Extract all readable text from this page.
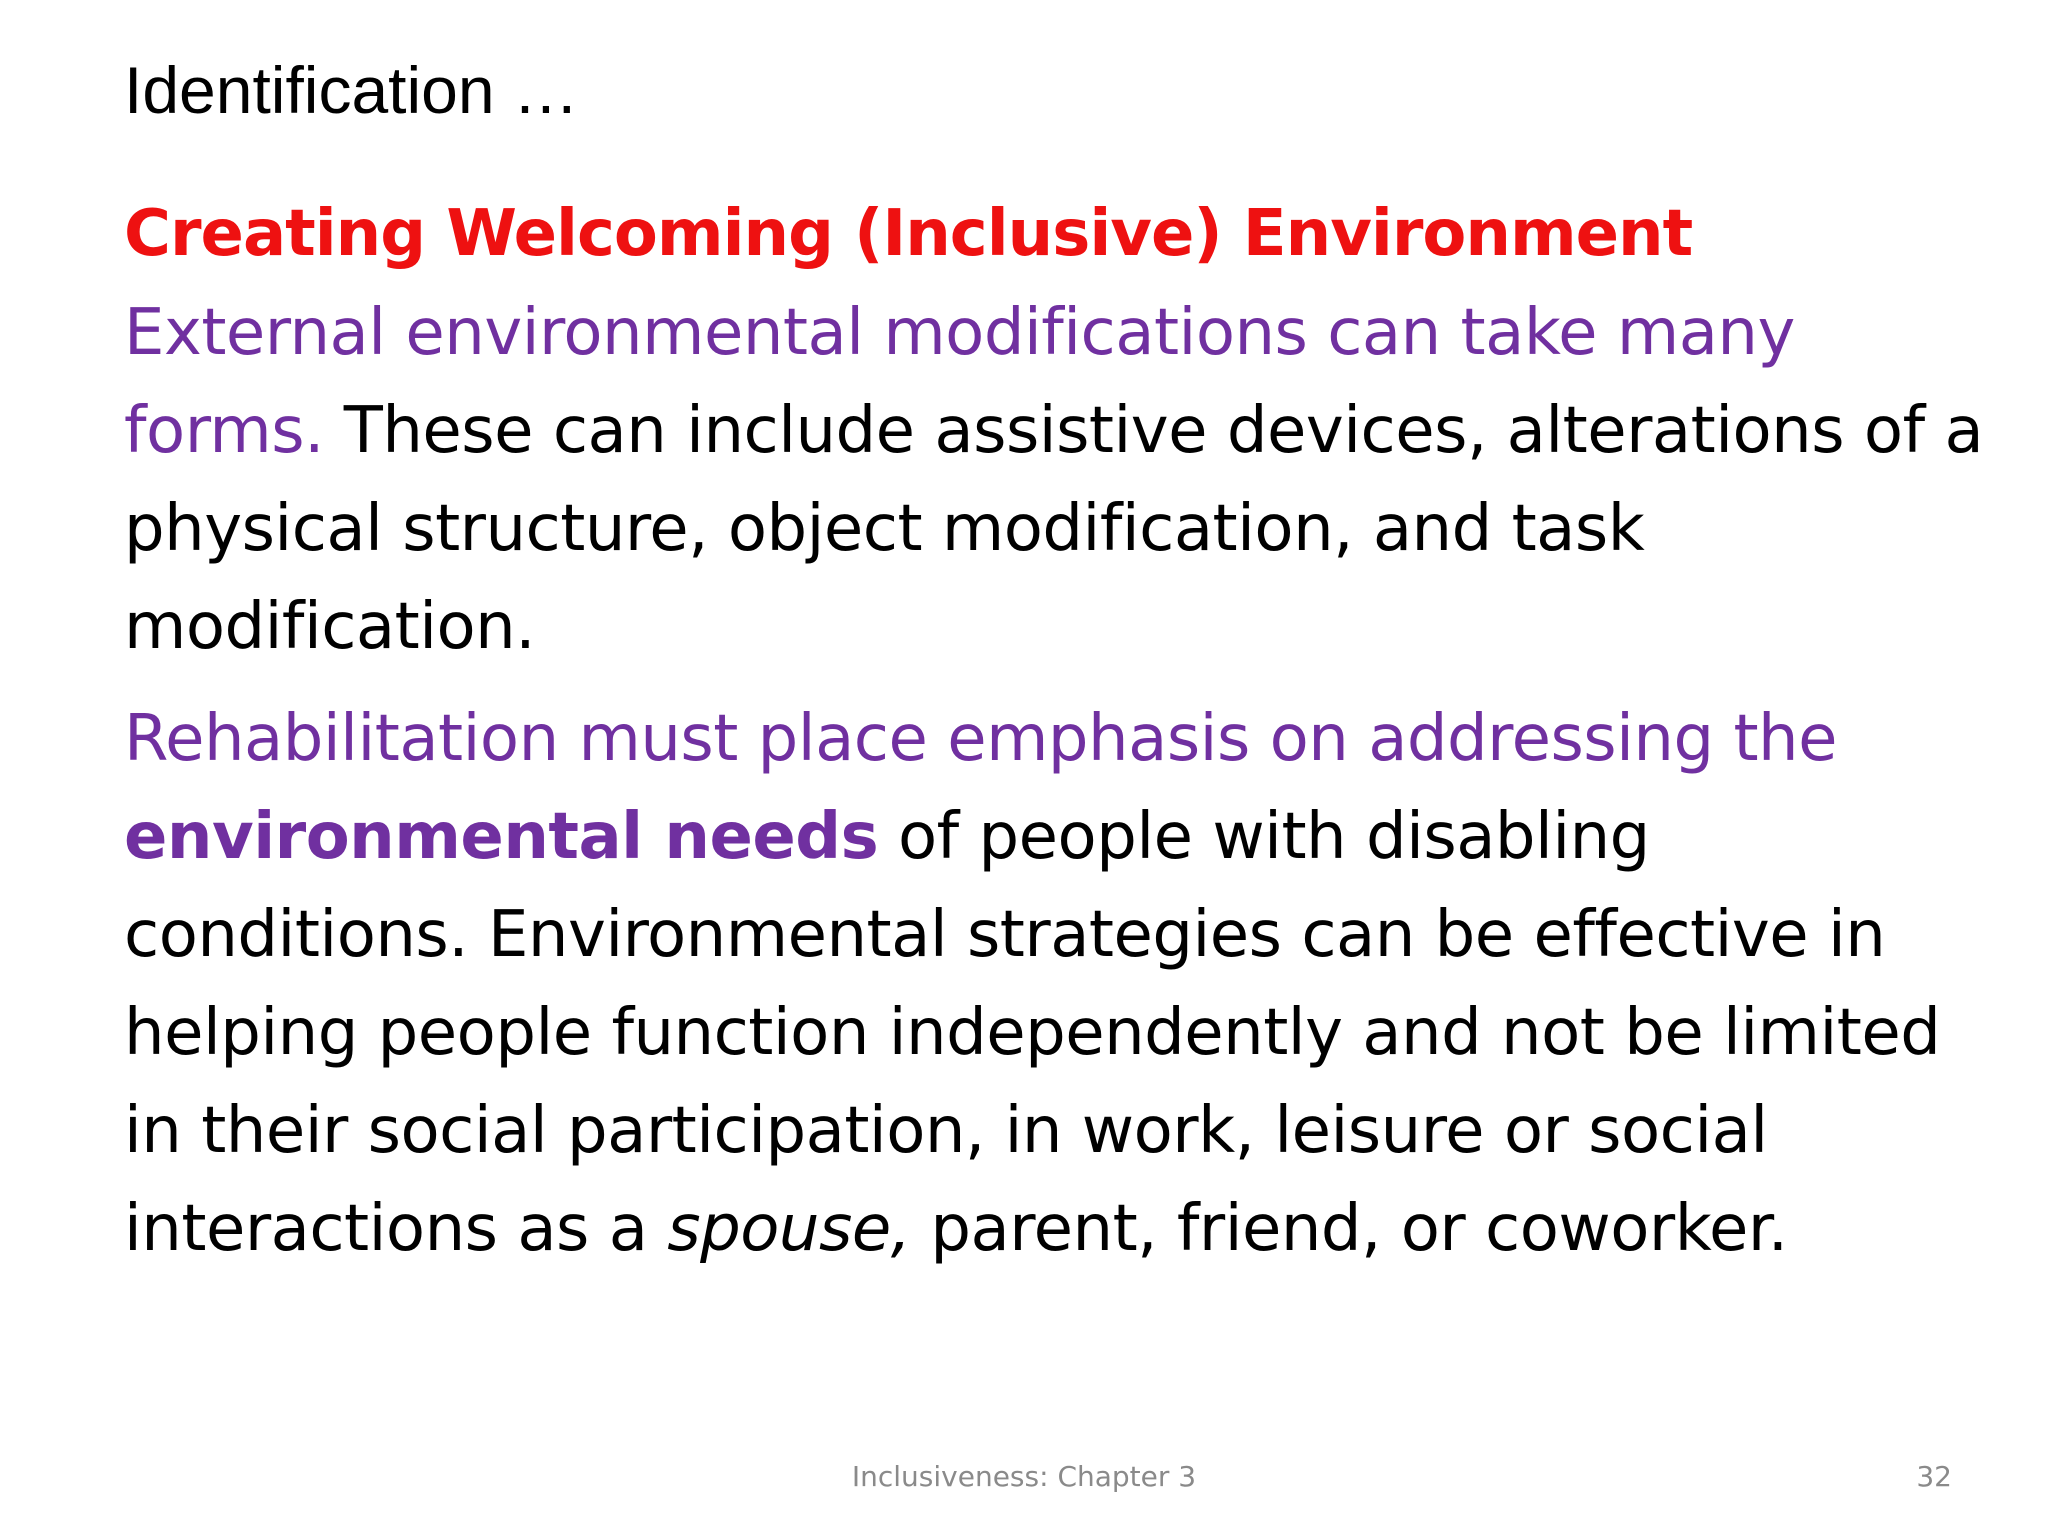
Identification …
Creating Welcoming (Inclusive) Environment
External environmental modifications can take many forms. These can include assistive devices, alterations of a physical structure, object modification, and task modification.
Rehabilitation must place emphasis on addressing the environmental needs of people with disabling conditions. Environmental strategies can be effective in helping people function independently and not be limited in their social participation, in work, leisure or social interactions as a spouse, parent, friend, or coworker.
Inclusiveness: Chapter 3	32
